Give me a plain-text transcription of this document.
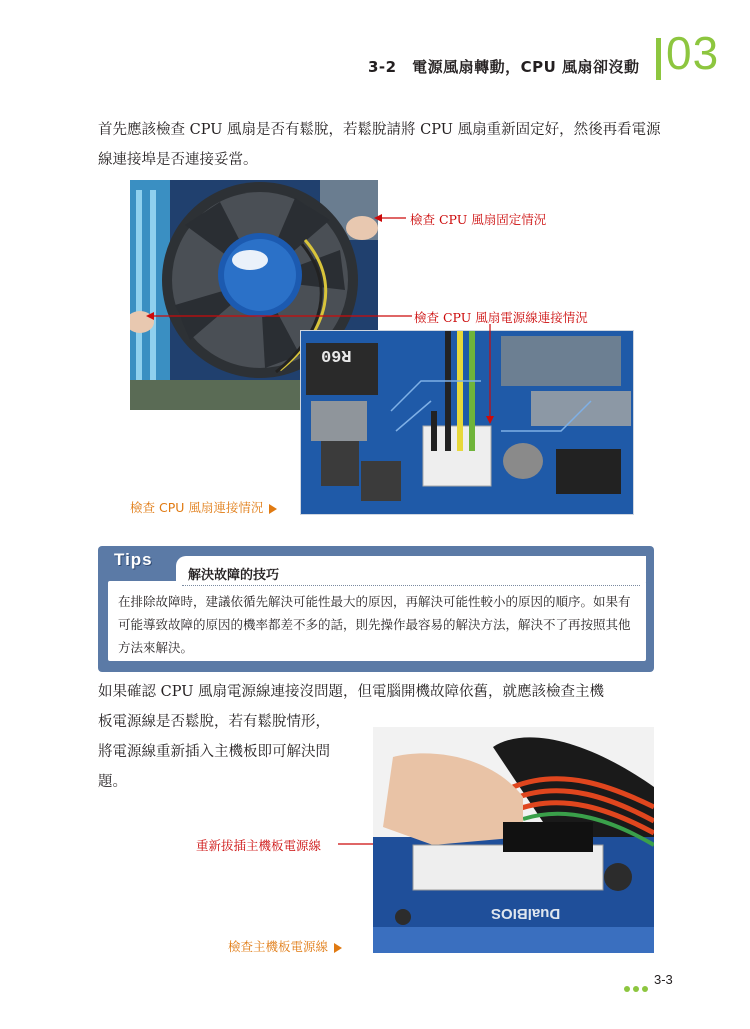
3-2　電源風扇轉動，CPU 風扇卻沒動 03
首先應該檢查 CPU 風扇是否有鬆脫，若鬆脫請將 CPU 風扇重新固定好，然後再看電源線連接埠是否連接妥當。
R60
檢查 CPU 風扇固定情況
檢查 CPU 風扇電源線連接情況
檢查 CPU 風扇連接情況
Tips
解決故障的技巧
在排除故障時，建議依循先解決可能性最大的原因，再解決可能性較小的原因的順序。如果有可能導致故障的原因的機率都差不多的話，則先操作最容易的解決方法，解決不了再按照其他方法來解決。
如果確認 CPU 風扇電源線連接沒問題，但電腦開機故障依舊，就應該檢查主機
板電源線是否鬆脫，若有鬆脫情形，
將電源線重新插入主機板即可解決問
題。
DualBIOS
重新拔插主機板電源線
檢查主機板電源線
3-3
